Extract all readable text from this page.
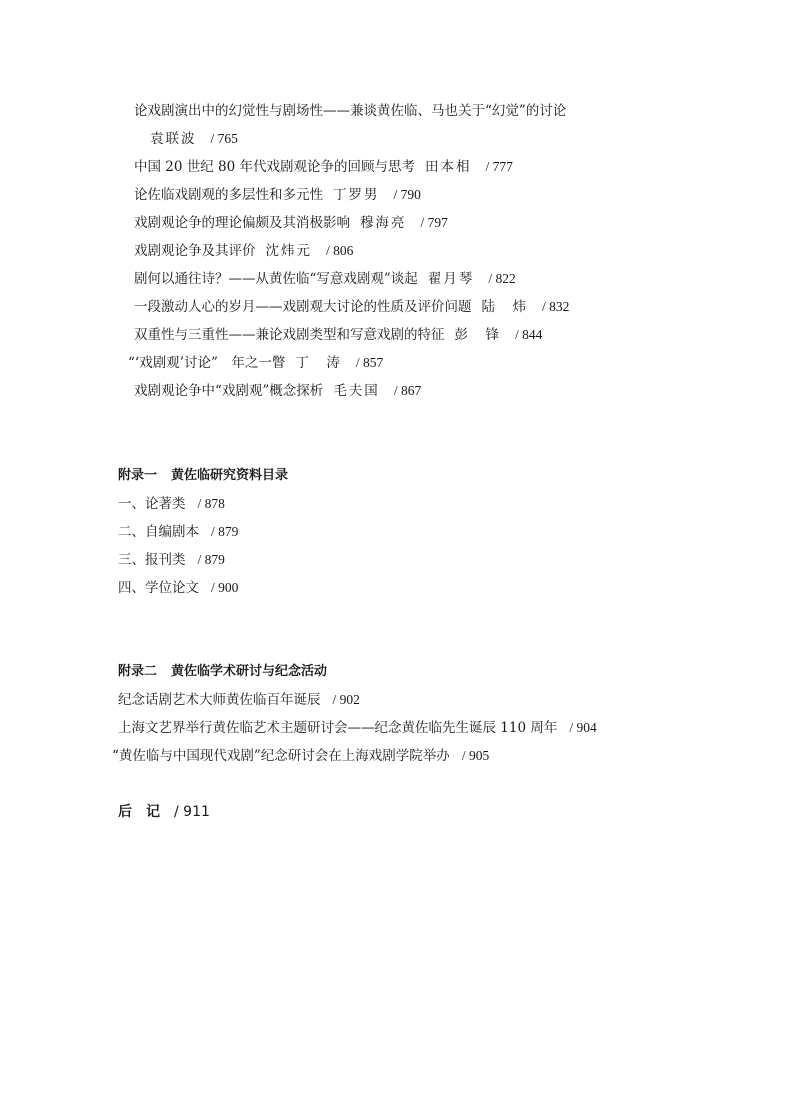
论戏剧演出中的幻觉性与剧场性——兼谈黄佐临、马也关于“幻觉”的讨论
袁联波 / 765
中国 20 世纪 80 年代戏剧观论争的回顾与思考 田本相 / 777
论佐临戏剧观的多层性和多元性 丁罗男 / 790
戏剧观论争的理论偏颇及其消极影响 穆海亮 / 797
戏剧观论争及其评价 沈炜元 / 806
剧何以通往诗？——从黄佐临“写意戏剧观”谈起 翟月琴 / 822
一段激动人心的岁月——戏剧观大讨论的性质及评价问题 陆　炜 / 832
双重性与三重性——兼论戏剧类型和写意戏剧的特征 彭　锋 / 844
“‘戏剧观’讨论”　年之一瞥 丁　涛 / 857
戏剧观论争中“戏剧观”概念探析 毛夫国 / 867
附录一 黄佐临研究资料目录
一、论著类 / 878
二、自编剧本 / 879
三、报刊类 / 879
四、学位论文 / 900
附录二 黄佐临学术研讨与纪念活动
纪念话剧艺术大师黄佐临百年诞辰 / 902
上海文艺界举行黄佐临艺术主题研讨会——纪念黄佐临先生诞辰 110 周年 / 904
“黄佐临与中国现代戏剧”纪念研讨会在上海戏剧学院举办 / 905
后　记 / 911
